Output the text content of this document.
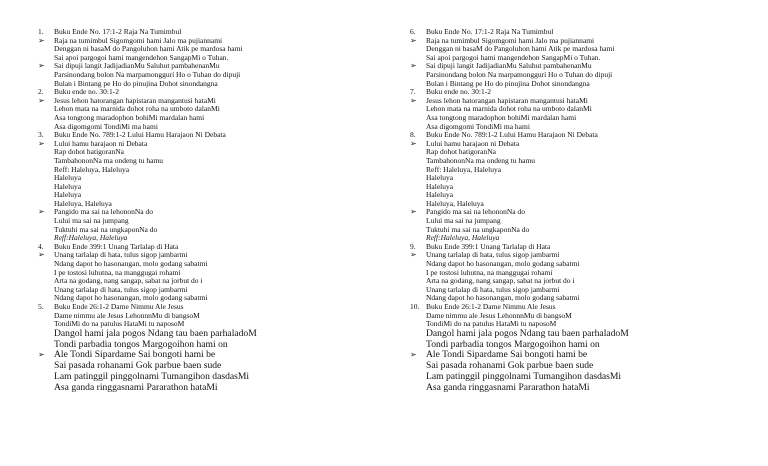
1.	Buku Ende No. 17:1-2 Raja Na Tumimbul
➢	Raja na tumimbul Sigomgomi hami Jalo ma pujiannami
Denggan ni basaM do Pangoluhon hami Atik pe mardosa hami
Sai apoi pargogoi hami mangendehon SangapMi o Tuhan.
➢	Sai dipuji langit JadijadianMu Saluhut pambahenanMu
Parsinondang bolon Na marpamonggurí Ho o Tuhan do dipuji
Bulan i Bintang pe Ho do pinujina Dohot sinondangna
2.	Buku ende no. 30:1-2
➢	Jesus lehon hatorangan hapistaran mangantusi hataMi
Lehon mata na marnida dohot roha na umboto dalanMi
Asa tongtong maradophon bohiMi mardalan hami
Asa digomgomi TondiMi ma hami
3.	Buku Ende No. 789:1-2 Lului Hamu Harajaon Ni Debata
➢	Lului hamu harajaon ni Debata
Rap dohot hatigoranNa
TambahononNa ma ondeng tu hamu
Reff: Haleluya, Haleluya
Haleluya
Haleluya
Haleluya
Haleluya, Haleluya
➢	Pangido ma sai na lehononNa do
Lului ma sai na jumpang
Tuktuhi ma sai na ungkaponNa do
Reff:Haleluya, Haleluya
4.	Buku Ende 399:1 Unang Tarlalap di Hata
➢	Unang tarlalap di hata, tulus sigop jambarmi
Ndang dapot ho hasonangan, molo godang sabatmi
I pe tostosi luhutna, na manggugai rohami
Arta na godang, nang sangap, sabat na jorbut do i
Unang tarlalap di hata, tulus sigop jambarmi
Ndang dapot ho hasonangan, molo godang sabatmi
5.	Buku Ende 26:1-2 Dame Nimmu Ale Jesus
Dame nimmu ale Jesus LehonnnMu di bangsoM
TondiMi do na patulus HataMi tu naposoM
Dangol hami jala pogos Ndang tau baen parhaladoM
Tondi parbadia tongos Margogoihon hami on
➢ Ale Tondi Sipardame Sai bongoti hami be
Sai pasada rohanami Gok parbue baen sude
Lam patinggil pinggolnami Tumangihon dasdasMi
Asa ganda ringgasnami Pararathon hataMi
6.	Buku Ende No. 17:1-2 Raja Na Tumimbul
➢	Raja na tumimbul Sigomgomi hami Jalo ma pujiannami
Denggan ni basaM do Pangoluhon hami Atik pe mardosa hami
Sai apoi pargogoi hami mangendehon SangapMi o Tuhan.
➢	Sai dipuji langit JadijadianMu Saluhut pambahenanMu
Parsinondang bolon Na marpamonggurí Ho o Tuhan do dipuji
Bulan i Bintang pe Ho do pinujina Dohot sinondangna
7.	Buku ende no. 30:1-2
➢	Jesus lehon hatorangan hapistaran mangantusi hataMi
Lehon mata na marnida dohot roha na umboto dalanMi
Asa tongtong maradophon bohiMi mardalan hami
Asa digomgomi TondiMi ma hami
8.	Buku Ende No. 789:1-2 Lului Hamu Harajaon Ni Debata
➢	Lului hamu harajaon ni Debata
Rap dohot hatigoranNa
TambahononNa ma ondeng tu hamu
Reff: Haleluya, Haleluya
Haleluya
Haleluya
Haleluya
Haleluya, Haleluya
➢	Pangido ma sai na lehononNa do
Lului ma sai na jumpang
Tuktuhi ma sai na ungkaponNa do
Reff:Haleluya, Haleluya
9.	Buku Ende 399:1 Unang Tarlalap di Hata
➢	Unang tarlalap di hata, tulus sigop jambarmi
Ndang dapot ho hasonangan, molo godang sabatmi
I pe tostosi luhutna, na manggugai rohami
Arta na godang, nang sangap, sabat na jorbut do i
Unang tarlalap di hata, tulus sigop jambarmi
Ndang dapot ho hasonangan, molo godang sabatmi
10. Buku Ende 26:1-2 Dame Nimmu Ale Jesus
Dame nimmu ale Jesus LehonnnMu di bangsoM
TondiMi do na patulus HataMi tu naposoM
Dangol hami jala pogos Ndang tau baen parhaladoM
Tondi parbadia tongos Margogoihon hami on
➢ Ale Tondi Sipardame Sai bongoti hami be
Sai pasada rohanami Gok parbue baen sude
Lam patinggil pinggolnami Tumangihon dasdasMi
Asa ganda ringgasnami Pararathon hataMi
